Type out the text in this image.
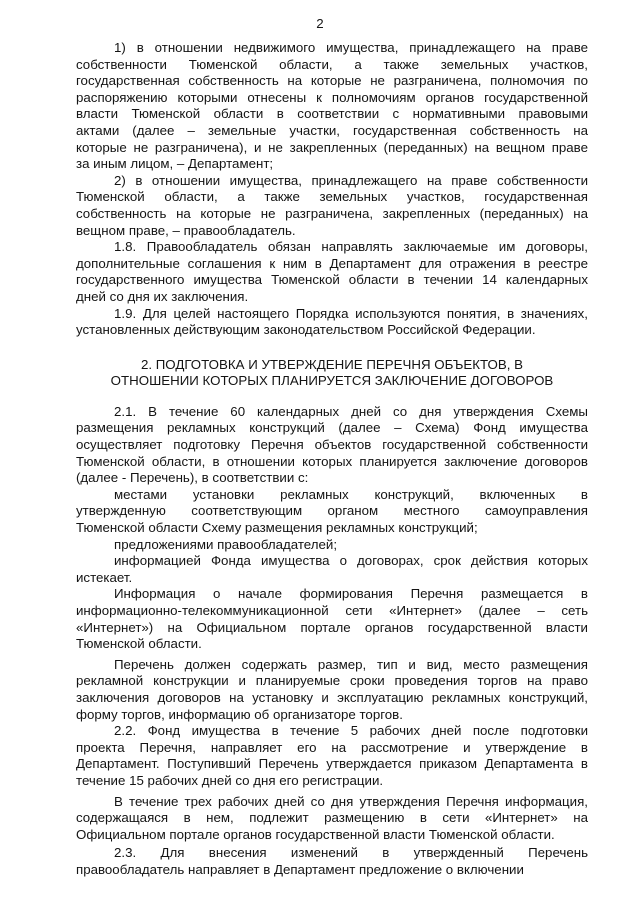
2
1) в отношении недвижимого имущества, принадлежащего на праве
собственности Тюменской области, а также земельных участков,
государственная собственность на которые не разграничена, полномочия по
распоряжению которыми отнесены к полномочиям органов государственной
власти Тюменской области в соответствии с нормативными правовыми
актами (далее – земельные участки, государственная собственность на
которые не разграничена), и не закрепленных (переданных) на вещном праве
за иным лицом, – Департамент;
2) в отношении имущества, принадлежащего на праве собственности
Тюменской области, а также земельных участков, государственная
собственность на которые не разграничена, закрепленных (переданных) на
вещном праве, – правообладатель.
1.8. Правообладатель обязан направлять заключаемые им договоры,
дополнительные соглашения к ним в Департамент для отражения в реестре
государственного имущества Тюменской области в течении 14 календарных
дней со дня их заключения.
1.9. Для целей настоящего Порядка используются понятия, в значениях,
установленных действующим законодательством Российской Федерации.
2. ПОДГОТОВКА И УТВЕРЖДЕНИЕ ПЕРЕЧНЯ ОБЪЕКТОВ, В
ОТНОШЕНИИ КОТОРЫХ ПЛАНИРУЕТСЯ ЗАКЛЮЧЕНИЕ ДОГОВОРОВ
2.1. В течение 60 календарных дней со дня утверждения Схемы
размещения рекламных конструкций (далее – Схема) Фонд имущества
осуществляет подготовку Перечня объектов государственной собственности
Тюменской области, в отношении которых планируется заключение договоров
(далее - Перечень), в соответствии с:
местами установки рекламных конструкций, включенных в
утвержденную соответствующим органом местного самоуправления
Тюменской области Схему размещения рекламных конструкций;
предложениями правообладателей;
информацией Фонда имущества о договорах, срок действия которых
истекает.
Информация о начале формирования Перечня размещается в
информационно-телекоммуникационной сети «Интернет» (далее – сеть
«Интернет») на Официальном портале органов государственной власти
Тюменской области.
Перечень должен содержать размер, тип и вид, место размещения
рекламной конструкции и планируемые сроки проведения торгов на право
заключения договоров на установку и эксплуатацию рекламных конструкций,
форму торгов, информацию об организаторе торгов.
2.2. Фонд имущества в течение 5 рабочих дней после подготовки
проекта Перечня, направляет его на рассмотрение и утверждение в
Департамент. Поступивший Перечень утверждается приказом Департамента в
течение 15 рабочих дней со дня его регистрации.
В течение трех рабочих дней со дня утверждения Перечня информация,
содержащаяся в нем, подлежит размещению в сети «Интернет» на
Официальном портале органов государственной власти Тюменской области.
2.3. Для внесения изменений в утвержденный Перечень
правообладатель направляет в Департамент предложение о включении
